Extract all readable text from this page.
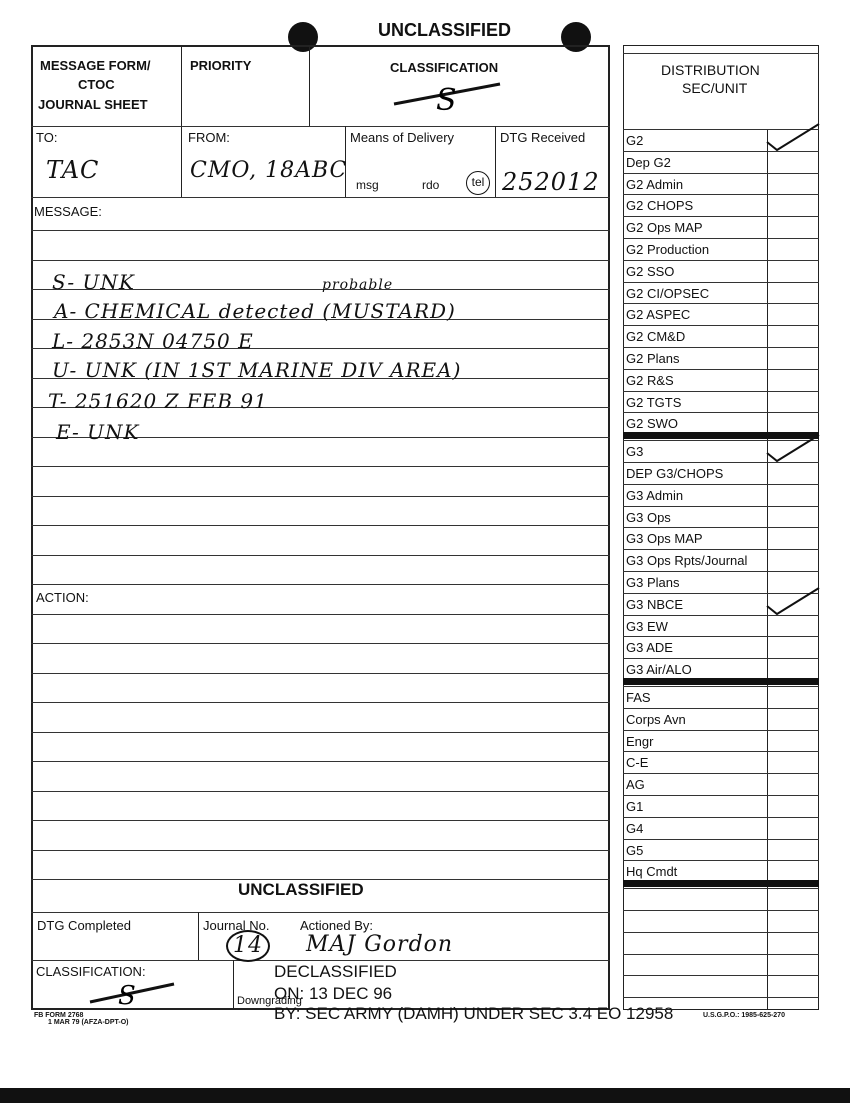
UNCLASSIFIED
MESSAGE FORM/
CTOC
JOURNAL SHEET
PRIORITY	CLASSIFICATION
S
TO:
TAC
FROM:
CMO, 18ABC
Means of Delivery
msg	rdo	tel
DTG Received
252012
MESSAGE:
S- UNK	probable
A- CHEMICAL detected (MUSTARD)
L- 2853N 04750 E
U- UNK (IN 1ST MARINE DIV AREA)
T- 251620 Z FEB 91
E- UNK
ACTION:
UNCLASSIFIED
DTG Completed	Journal No.
14
Actioned By:
MAJ Gordon
CLASSIFICATION:
S	Downgrading
DECLASSIFIED
ON: 13 DEC 96
BY: SEC ARMY (DAMH) UNDER SEC 3.4 EO 12958
FB FORM 2768
1 MAR 79 (AFZA-DPT-O)
U.S.G.P.O.: 1985-625-270
DISTRIBUTION
SEC/UNIT
G2
Dep G2
G2 Admin
G2 CHOPS
G2 Ops MAP
G2 Production
G2 SSO
G2 CI/OPSEC
G2 ASPEC
G2 CM&D
G2 Plans
G2 R&S
G2 TGTS
G2 SWO
G3
DEP G3/CHOPS
G3 Admin
G3 Ops
G3 Ops MAP
G3 Ops Rpts/Journal
G3 Plans
G3 NBCE
G3 EW
G3 ADE
G3 Air/ALO
FAS
Corps Avn
Engr
C-E
AG
G1
G4
G5
Hq Cmdt
